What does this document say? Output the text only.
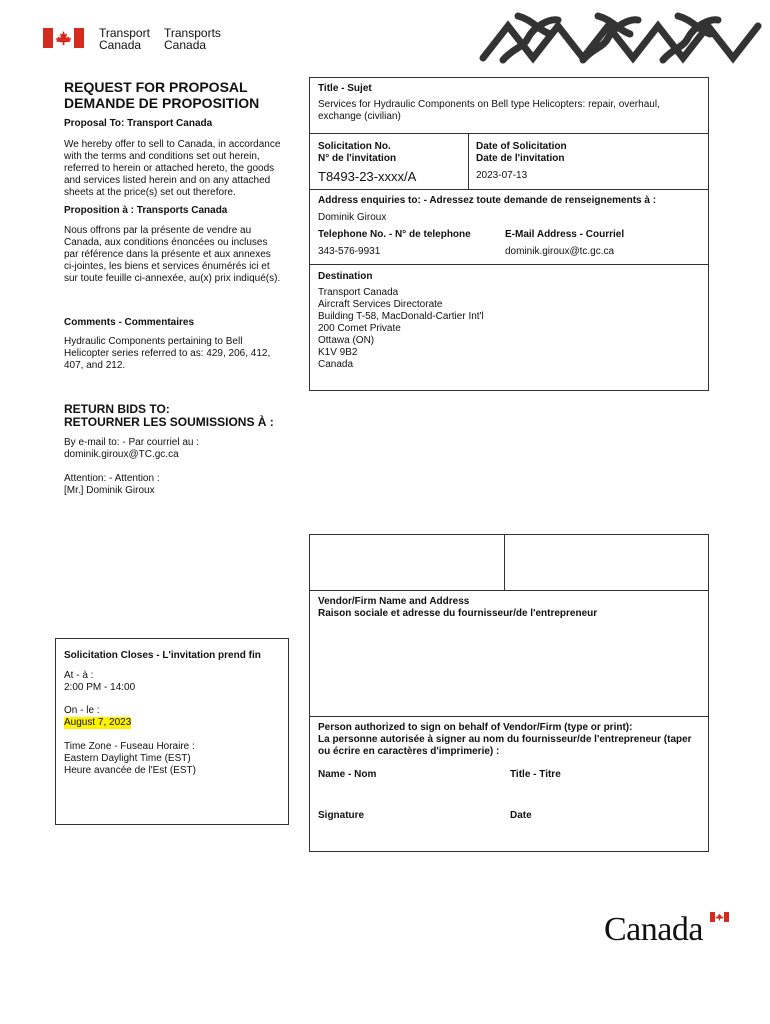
Transport
Canada
Transports
Canada
REQUEST FOR PROPOSAL
DEMANDE DE PROPOSITION
Proposal To: Transport Canada
We hereby offer to sell to Canada, in accordance
with the terms and conditions set out herein,
referred to herein or attached hereto, the goods
and services listed herein and on any attached
sheets at the price(s) set out therefore.
Proposition à : Transports Canada
Nous offrons par la présente de vendre au
Canada, aux conditions énoncées ou incluses
par référence dans la présente et aux annexes
ci-jointes, les biens et services énumérés ici et
sur toute feuille ci-annexée, au(x) prix indiqué(s).
Comments - Commentaires
Hydraulic Components pertaining to Bell
Helicopter series referred to as: 429, 206, 412,
407, and 212.
RETURN BIDS TO:
RETOURNER LES SOUMISSIONS À :
By e-mail to: - Par courriel au :
dominik.giroux@TC.gc.ca
Attention: - Attention :
[Mr.] Dominik Giroux
Solicitation Closes - L'invitation prend fin
At - à :
2:00 PM - 14:00
On - le :
August 7, 2023
Time Zone - Fuseau Horaire :
Eastern Daylight Time (EST)
Heure avancée de l'Est (EST)
Title - Sujet
Services for Hydraulic Components on Bell type Helicopters: repair, overhaul,
exchange (civilian)
Solicitation No.
N° de l'invitation
T8493-23-xxxx/A
Date of Solicitation
Date de l'invitation
2023-07-13
Address enquiries to: - Adressez toute demande de renseignements à :
Dominik Giroux
Telephone No. - N° de telephone
343-576-9931
E-Mail Address - Courriel
dominik.giroux@tc.gc.ca
Destination
Transport Canada
Aircraft Services Directorate
Building T-58, MacDonald-Cartier Int'l
200 Comet Private
Ottawa (ON)
K1V 9B2
Canada
Vendor/Firm Name and Address
Raison sociale et adresse du fournisseur/de l'entrepreneur
Person authorized to sign on behalf of Vendor/Firm (type or print):
La personne autorisée à signer au nom du fournisseur/de l'entrepreneur (taper
ou écrire en caractères d'imprimerie) :
Name - Nom	Title - Titre
Signature	Date
Canada
